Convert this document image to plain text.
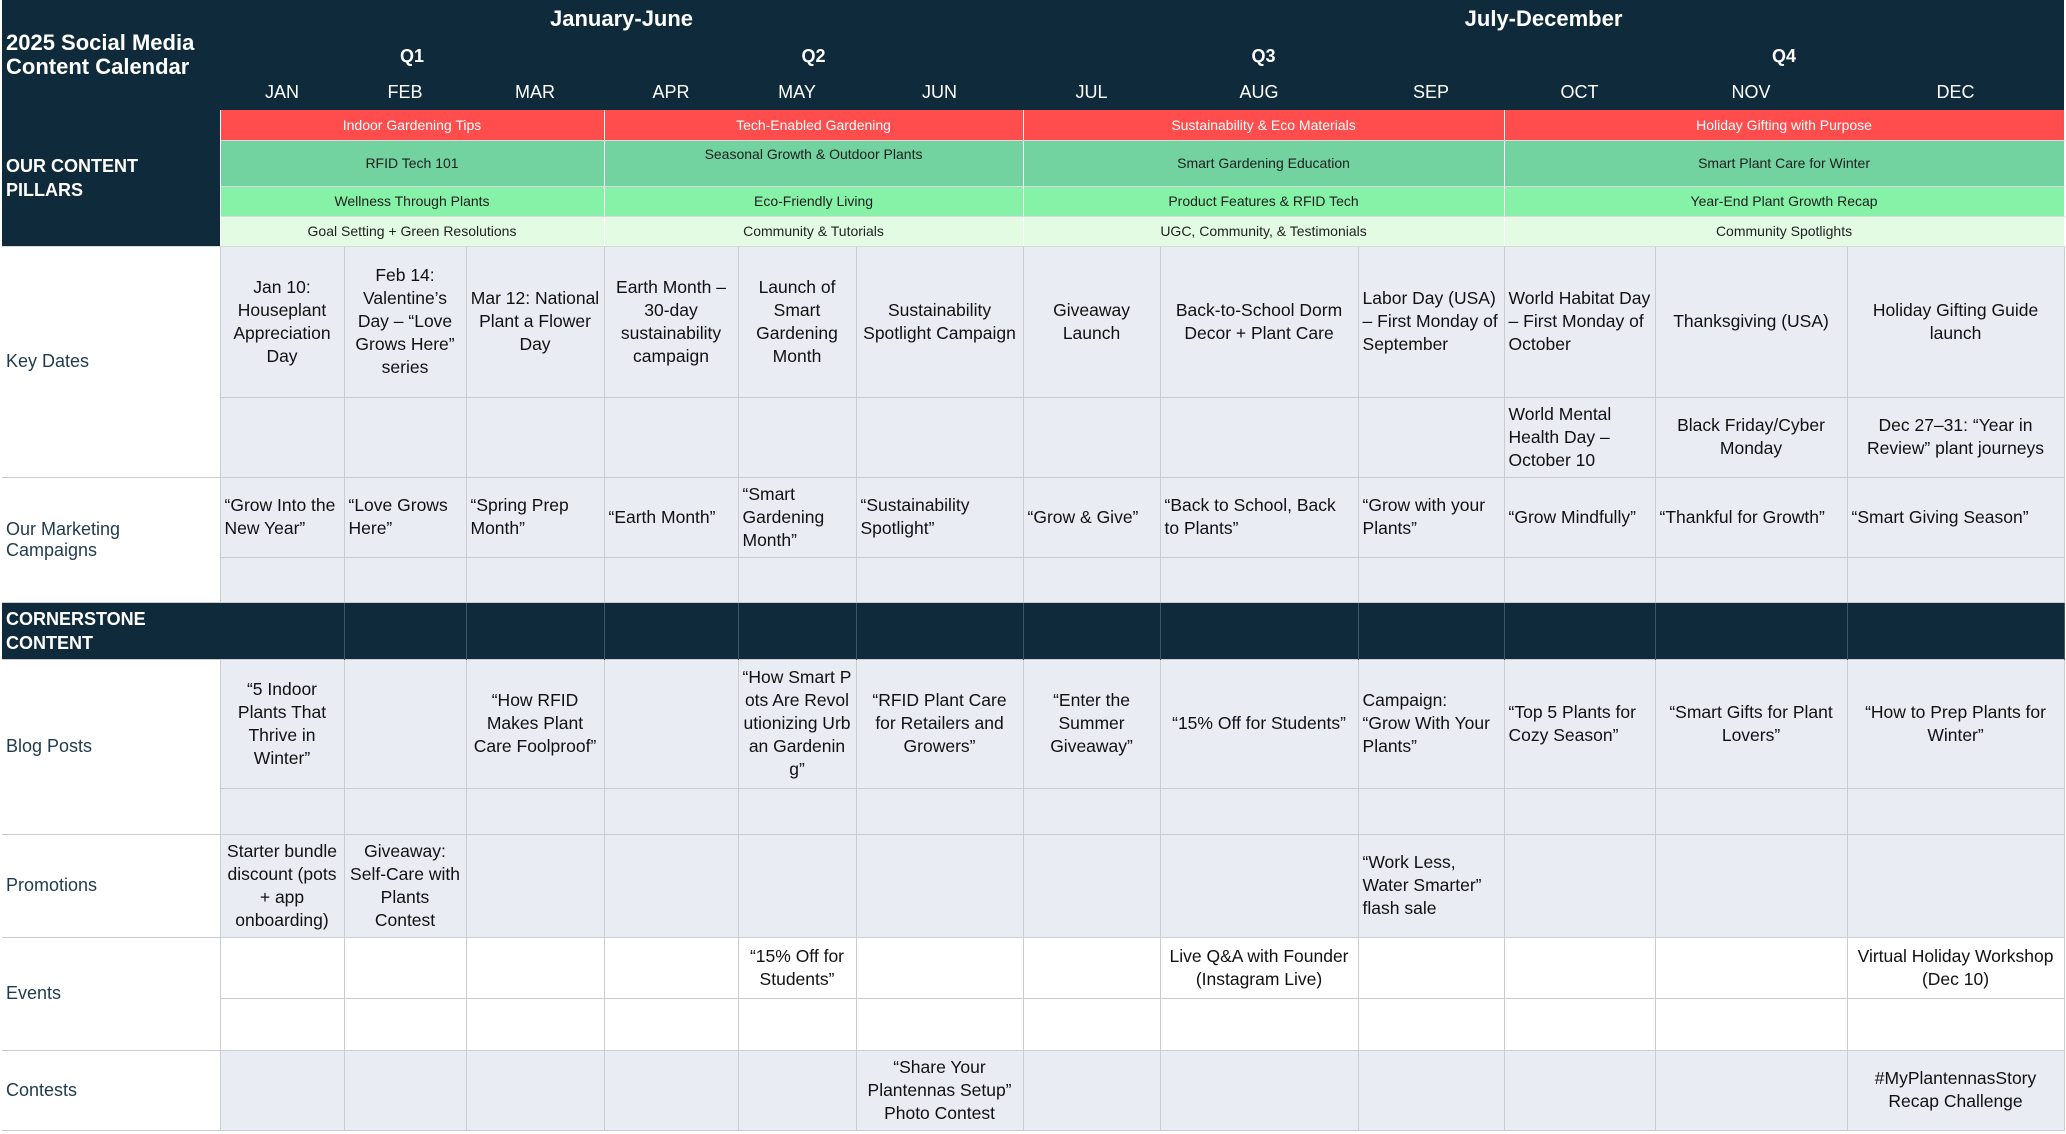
2025 Social Media Content Calendar	January-June						July-December					
	Q1			Q2			Q3			Q4		
	JAN	FEB	MAR	APR	MAY	JUN	JUL	AUG	SEP	OCT	NOV	DEC
OUR CONTENT PILLARS	Indoor Gardening Tips			Tech-Enabled Gardening			Sustainability & Eco Materials			Holiday Gifting with Purpose		
	RFID Tech 101			Seasonal Growth & Outdoor Plants			Smart Gardening Education			Smart Plant Care for Winter		
	Wellness Through Plants			Eco-Friendly Living			Product Features & RFID Tech			Year-End Plant Growth Recap		
	Goal Setting + Green Resolutions			Community & Tutorials			UGC, Community, & Testimonials			Community Spotlights		
Key Dates	Jan 10: Houseplant Appreciation Day	Feb 14: Valentine’s Day – “Love Grows Here” series	Mar 12: National Plant a Flower Day	Earth Month – 30-day sustainability campaign	Launch of Smart Gardening Month	Sustainability Spotlight Campaign	Giveaway Launch	Back-to-School Dorm Decor + Plant Care	Labor Day (USA) – First Monday of September	World Habitat Day – First Monday of October	Thanksgiving (USA)	Holiday Gifting Guide launch
										World Mental Health Day – October 10	Black Friday/Cyber Monday	Dec 27–31: “Year in Review” plant journeys
Our Marketing Campaigns	“Grow Into the New Year”	“Love Grows Here”	“Spring Prep Month”	“Earth Month”	“Smart Gardening Month”	“Sustainability Spotlight”	“Grow & Give”	“Back to School, Back to Plants”	“Grow with your Plants”	“Grow Mindfully”	“Thankful for Growth”	“Smart Giving Season”

CORNERSTONE CONTENT												
Blog Posts	“5 Indoor Plants That Thrive in Winter”		“How RFID Makes Plant Care Foolproof”		“How Smart Pots Are Revolutionizing Urban Gardening”	“RFID Plant Care for Retailers and Growers”	“Enter the Summer Giveaway”	“15% Off for Students”	Campaign: “Grow With Your Plants”	“Top 5 Plants for Cozy Season”	“Smart Gifts for Plant Lovers”	“How to Prep Plants for Winter”

Promotions	Starter bundle discount (pots + app onboarding)	Giveaway: Self-Care with Plants Contest							“Work Less, Water Smarter” flash sale			
Events					“15% Off for Students”			Live Q&A with Founder (Instagram Live)				Virtual Holiday Workshop (Dec 10)

Contests						“Share Your Plantennas Setup” Photo Contest						#MyPlantennasStory Recap Challenge
